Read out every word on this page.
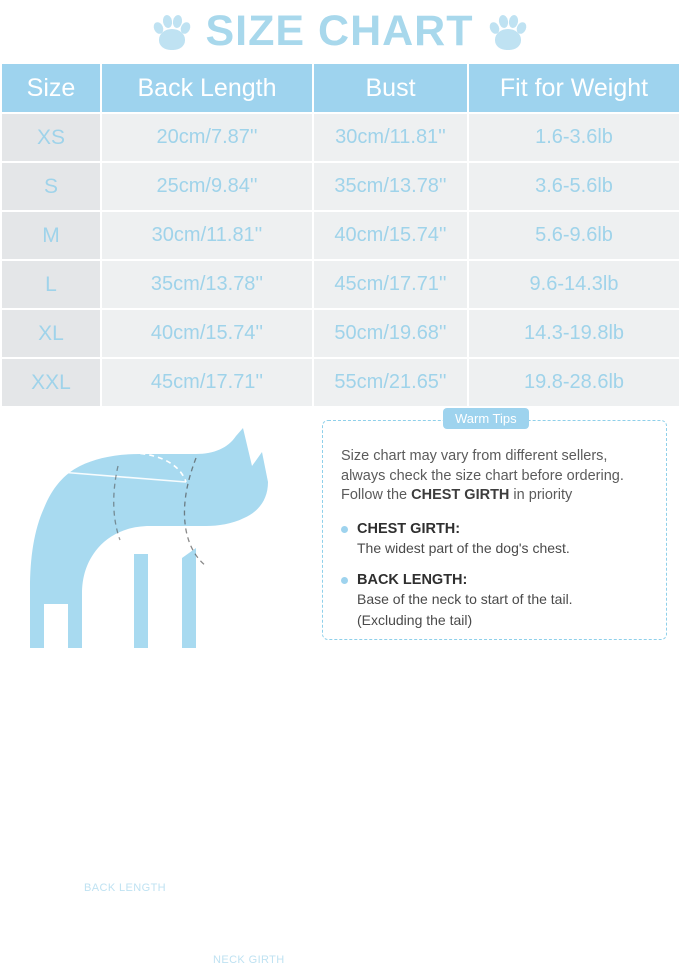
SIZE CHART
Size	Back Length	Bust	Fit for Weight
XS	20cm/7.87''	30cm/11.81''	1.6-3.6lb
S	25cm/9.84''	35cm/13.78''	3.6-5.6lb
M	30cm/11.81''	40cm/15.74''	5.6-9.6lb
L	35cm/13.78''	45cm/17.71''	9.6-14.3lb
XL	40cm/15.74''	50cm/19.68''	14.3-19.8lb
XXL	45cm/17.71''	55cm/21.65''	19.8-28.6lb
BACK LENGTH
NECK GIRTH
Warm Tips
Size chart may vary from different sellers,
always check the size chart before ordering.
Follow the CHEST GIRTH in priority
CHEST GIRTH:
The widest part of the dog's chest.
BACK LENGTH:
Base of the neck to start of the tail.
(Excluding the tail)
